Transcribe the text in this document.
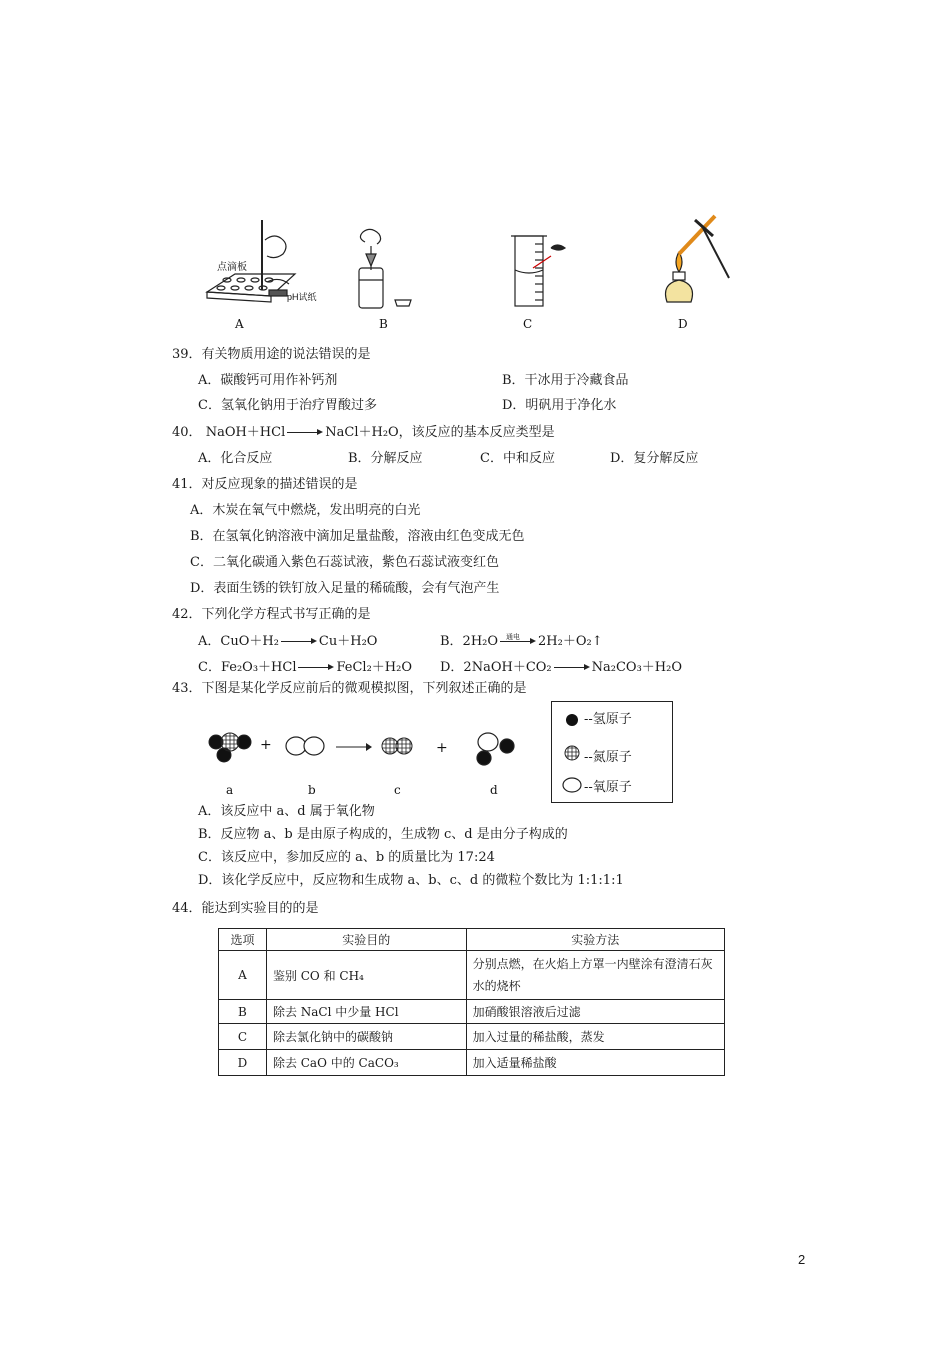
点滴板
pH试纸
A	B	C	D
39．有关物质用途的说法错误的是
A．碳酸钙可用作补钙剂	B．干冰用于冷藏食品
C．氢氧化钠用于治疗胃酸过多	D．明矾用于净化水
40． NaOH＋HCl	NaCl＋H₂O，该反应的基本反应类型是
A．化合反应	B．分解反应	C．中和反应	D．复分解反应
41．对反应现象的描述错误的是
A．木炭在氧气中燃烧，发出明亮的白光
B．在氢氧化钠溶液中滴加足量盐酸，溶液由红色变成无色
C．二氧化碳通入紫色石蕊试液，紫色石蕊试液变红色
D．表面生锈的铁钉放入足量的稀硫酸，会有气泡产生
42．下列化学方程式书写正确的是
A．CuO＋H₂	Cu＋H₂O	B．2H₂O 通电 2H₂＋O₂↑
C．Fe₂O₃＋HCl	FeCl₂＋H₂O D．2NaOH＋CO₂	Na₂CO₃＋H₂O
43．下图是某化学反应前后的微观模拟图，下列叙述正确的是
+	+
a	b	c	d
--氢原子
--氮原子
--氧原子
A．该反应中 a、d 属于氧化物
B．反应物 a、b 是由原子构成的，生成物 c、d 是由分子构成的
C．该反应中，参加反应的 a、b 的质量比为 17:24
D．该化学反应中，反应物和生成物 a、b、c、d 的微粒个数比为 1:1:1:1
44．能达到实验目的的是
选项	实验目的	实验方法
A	鉴别 CO 和 CH₄	分别点燃，在火焰上方罩一内壁涂有澄清石灰水的烧杯
B	除去 NaCl 中少量 HCl	加硝酸银溶液后过滤
C	除去氯化钠中的碳酸钠	加入过量的稀盐酸，蒸发
D	除去 CaO 中的 CaCO₃	加入适量稀盐酸
2
